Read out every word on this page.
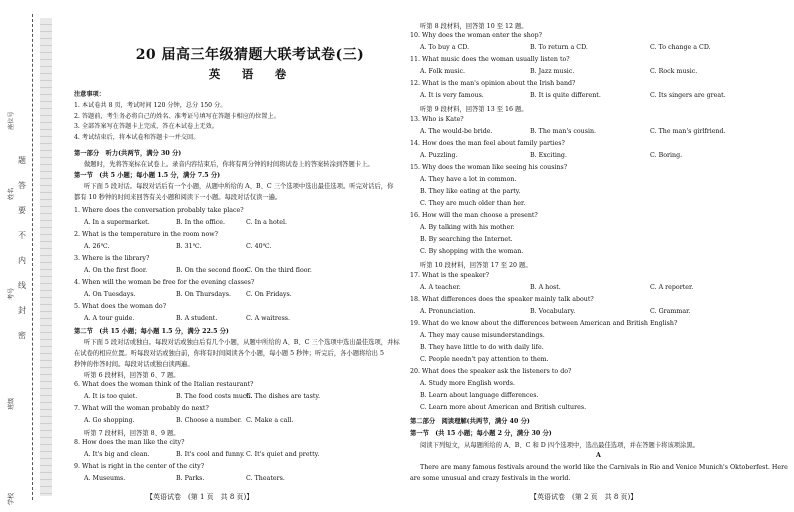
学校
班级
考号
姓名
座位号
密
封
线
内
不
要
答
题
20 届高三年级猜题大联考试卷(三)
英　语　卷
注意事项：
1. 本试卷共 8 页，考试时间 120 分钟，总分 150 分。
2. 答题前，考生务必将自己的姓名、准考证号填写在答题卡相应的位置上。
3. 全部答案写在答题卡上完成，答在本试卷上无效。
4. 考试结束后，将本试卷和答题卡一并交回。
第一部分　听力(共两节，满分 30 分)
做题时，先将答案标在试卷上。录音内容结束后，你将有两分钟的时间将试卷上的答案转涂到答题卡上。
第一节　(共 5 小题；每小题 1.5 分，满分 7.5 分)
听下面 5 段对话。每段对话后有一个小题，从题中所给的 A、B、C 三个选项中选出最佳选项。听完对话后，你
都有 10 秒钟的时间来回答有关小题和阅读下一小题。每段对话仅读一遍。
1. Where does the conversation probably take place?
A. In a supermarket.	B. In the office.	C. In a hotel.
2. What is the temperature in the room now?
A. 26℃.	B. 31℃.	C. 40℃.
3. Where is the library?
A. On the first floor.	B. On the second floor.
C. On the third floor.
4. When will the woman be free for the evening classes?
A. On Tuesdays.	B. On Thursdays. C. On Fridays.
5. What does the woman do?
A. A tour guide.	B. A student.	C. A waitress.
第二节　(共 15 小题；每小题 1.5 分，满分 22.5 分)
听下面 5 段对话或独白。每段对话或独白后有几个小题，从题中所给的 A、B、C 三个选项中选出最佳选项，并标
在试卷的相应位置。听每段对话或独白前，你将有时间阅读各个小题，每小题 5 秒钟；听完后，各小题将给出 5
秒钟的作答时间。每段对话或独白读两遍。
听第 6 段材料，回答第 6、7 题。
6. What does the woman think of the Italian restaurant?
A. It is too quiet.	B. The food costs much.
C. The dishes are tasty.
7. What will the woman probably do next?
A. Go shopping.	B. Choose a number. C. Make a call.
听第 7 段材料，回答第 8、9 题。
8. How does the man like the city?
A. It's big and clean.	B. It's cool and funny. C. It's quiet and pretty.
9. What is right in the center of the city?
A. Museums.	B. Parks.	C. Theaters.
【英语试卷　(第 1 页　共 8 页)】
听第 8 段材料，回答第 10 至 12 题。
10. Why does the woman enter the shop?
A. To buy a CD.	B. To return a CD.	C. To change a CD.
11. What music does the woman usually listen to?
A. Folk music.	B. Jazz music.	C. Rock music.
12. What is the man's opinion about the Irish band?
A. It is very famous.	B. It is quite different.	C. Its singers are great.
听第 9 段材料，回答第 13 至 16 题。
13. Who is Kate?
A. The would-be bride.	B. The man's cousin.	C. The man's girlfriend.
14. How does the man feel about family parties?
A. Puzzling.	B. Exciting.	C. Boring.
15. Why does the woman like seeing his cousins?
A. They have a lot in common.
B. They like eating at the party.
C. They are much older than her.
16. How will the man choose a present?
A. By talking with his mother.
B. By searching the Internet.
C. By shopping with the woman.
听第 10 段材料，回答第 17 至 20 题。
17. What is the speaker?
A. A teacher.	B. A host.	C. A reporter.
18. What differences does the speaker mainly talk about?
A. Pronunciation.	B. Vocabulary.	C. Grammar.
19. What do we know about the differences between American and British English?
A. They may cause misunderstandings.
B. They have little to do with daily life.
C. People needn't pay attention to them.
20. What does the speaker ask the listeners to do?
A. Study more English words.
B. Learn about language differences.
C. Learn more about American and British cultures.
第二部分　阅读理解(共两节，满分 40 分)
第一节　(共 15 小题；每小题 2 分，满分 30 分)
阅读下列短文，从每题所给的 A、B、C 和 D 四个选项中，选出最佳选项，并在答题卡将该项涂黑。
A
There are many famous festivals around the world like the Carnivals in Rio and Venice Munich's Oktoberfest. Here
are some unusual and crazy festivals in the world.
【英语试卷　(第 2 页　共 8 页)】
